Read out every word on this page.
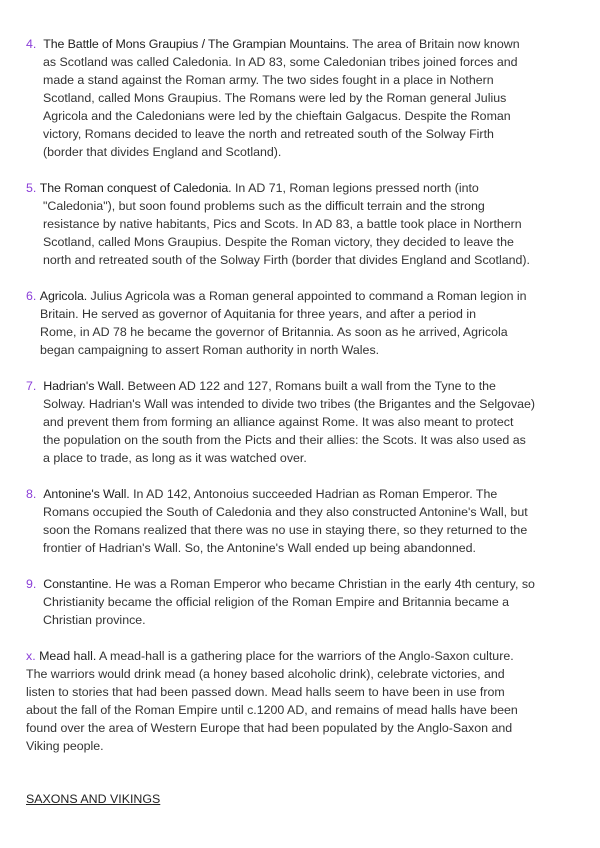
4. The Battle of Mons Graupius / The Grampian Mountains. The area of Britain now known
as Scotland was called Caledonia. In AD 83, some Caledonian tribes joined forces and
made a stand against the Roman army. The two sides fought in a place in Nothern
Scotland, called Mons Graupius. The Romans were led by the Roman general Julius
Agricola and the Caledonians were led by the chieftain Galgacus. Despite the Roman
victory, Romans decided to leave the north and retreated south of the Solway Firth
(border that divides England and Scotland).
5. The Roman conquest of Caledonia. In AD 71, Roman legions pressed north (into
"Caledonia"), but soon found problems such as the difficult terrain and the strong
resistance by native habitants, Pics and Scots. In AD 83, a battle took place in Northern
Scotland, called Mons Graupius. Despite the Roman victory, they decided to leave the
north and retreated south of the Solway Firth (border that divides England and Scotland).
6. Agricola. Julius Agricola was a Roman general appointed to command a Roman legion in
Britain. He served as governor of Aquitania for three years, and after a period in
Rome, in AD 78 he became the governor of Britannia. As soon as he arrived, Agricola
began campaigning to assert Roman authority in north Wales.
7. Hadrian's Wall. Between AD 122 and 127, Romans built a wall from the Tyne to the
Solway. Hadrian's Wall was intended to divide two tribes (the Brigantes and the Selgovae)
and prevent them from forming an alliance against Rome. It was also meant to protect
the population on the south from the Picts and their allies: the Scots. It was also used as
a place to trade, as long as it was watched over.
8. Antonine's Wall. In AD 142, Antonoius succeeded Hadrian as Roman Emperor. The
Romans occupied the South of Caledonia and they also constructed Antonine's Wall, but
soon the Romans realized that there was no use in staying there, so they returned to the
frontier of Hadrian's Wall. So, the Antonine's Wall ended up being abandonned.
9. Constantine. He was a Roman Emperor who became Christian in the early 4th century, so
Christianity became the official religion of the Roman Empire and Britannia became a
Christian province.
x. Mead hall. A mead-hall is a gathering place for the warriors of the Anglo-Saxon culture.
The warriors would drink mead (a honey based alcoholic drink), celebrate victories, and
listen to stories that had been passed down. Mead halls seem to have been in use from
about the fall of the Roman Empire until c.1200 AD, and remains of mead halls have been
found over the area of Western Europe that had been populated by the Anglo-Saxon and
Viking people.
SAXONS AND VIKINGS
